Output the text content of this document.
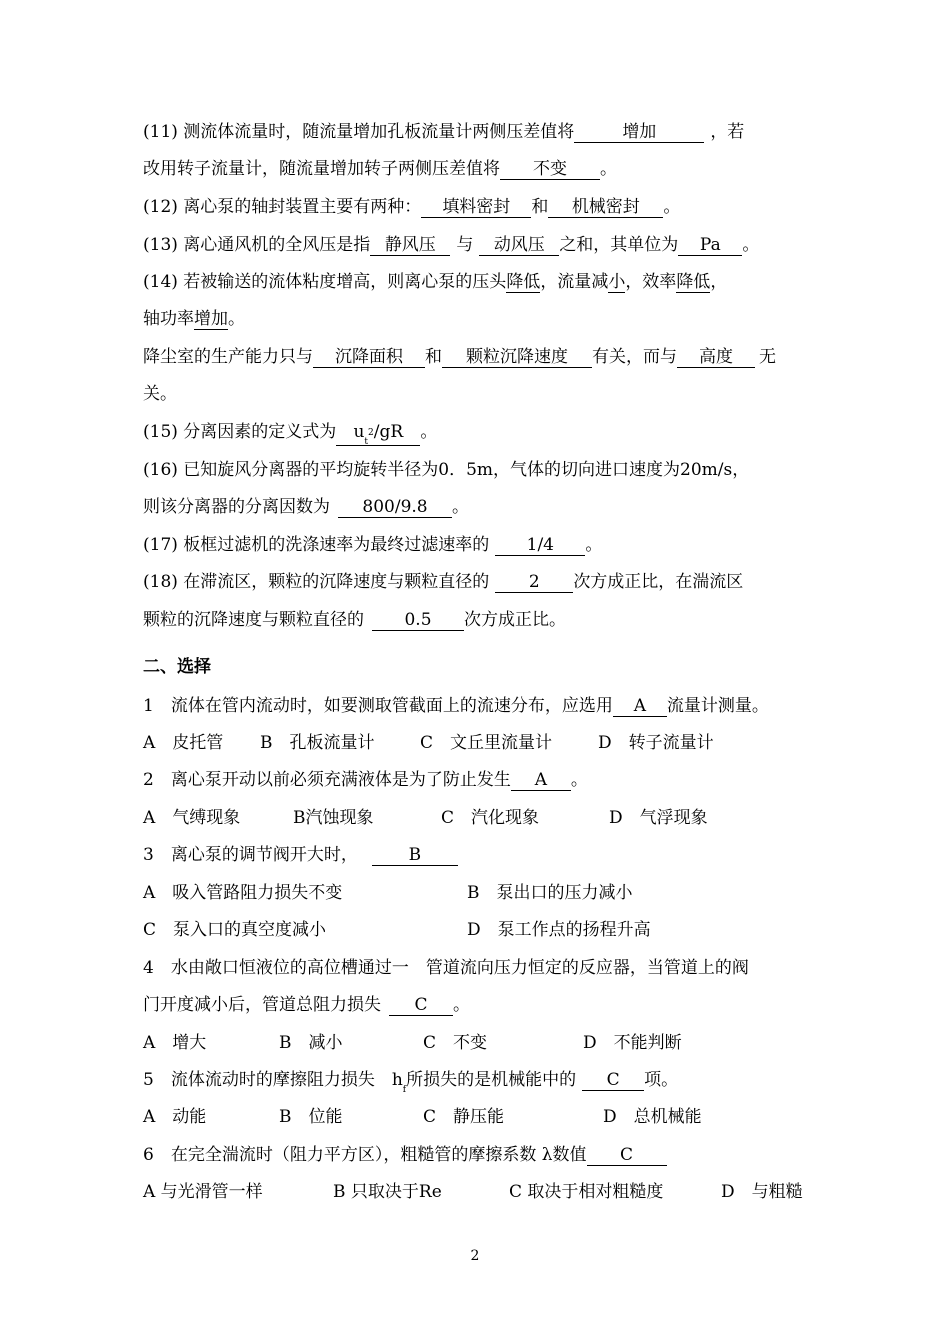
(11) 测流体流量时，随流量增加孔板流量计两侧压差值将	增加	，若
改用转子流量计，随流量增加转子两侧压差值将 不变 。
(12) 离心泵的轴封装置主要有两种： 填料密封 和 机械密封 。
(13) 离心通风机的全风压是指 静风压 与 动风压 之和，其单位为 Pa 。
(14) 若被输送的流体粘度增高，则离心泵的压头降低，流量减小，效率降低，
轴功率增加。
降尘室的生产能力只与 沉降面积 和 颗粒沉降速度 有关，而与 高度 无
关。
(15) 分离因素的定义式为 $u_t2/gR$ 。
(16) 已知旋风分离器的平均旋转半径为0．5m，气体的切向进口速度为20m/s，
则该分离器的分离因数为 800/9.8 。
(17) 板框过滤机的洗涤速率为最终过滤速率的 1/4 。
(18) 在滞流区，颗粒的沉降速度与颗粒直径的 2 次方成正比，在湍流区
颗粒的沉降速度与颗粒直径的 0.5 次方成正比。
二、选择
1　流体在管内流动时，如要测取管截面上的流速分布，应选用 A 流量计测量。
A　皮托管 B　孔板流量计	C　文丘里流量计	D　转子流量计
2　离心泵开动以前必须充满液体是为了防止发生 A 。
A　气缚现象	B汽蚀现象	C　汽化现象	D　气浮现象
3　离心泵的调节阀开大时，	B
A　吸入管路阻力损失不变	B　泵出口的压力减小
C　泵入口的真空度减小	D　泵工作点的扬程升高
4　水由敞口恒液位的高位槽通过一　管道流向压力恒定的反应器，当管道上的阀
门开度减小后，管道总阻力损失 C 。
A　增大	B　减小	C　不变	D　不能判断
5　流体流动时的摩擦阻力损失　$h_f$所损失的是机械能中的 C 项。
A　动能	B　位能	C　静压能	D　总机械能
6　在完全湍流时（阻力平方区），粗糙管的摩擦系数 λ数值 C
A 与光滑管一样	B 只取决于Re	C 取决于相对粗糙度	D　与粗糙
2
